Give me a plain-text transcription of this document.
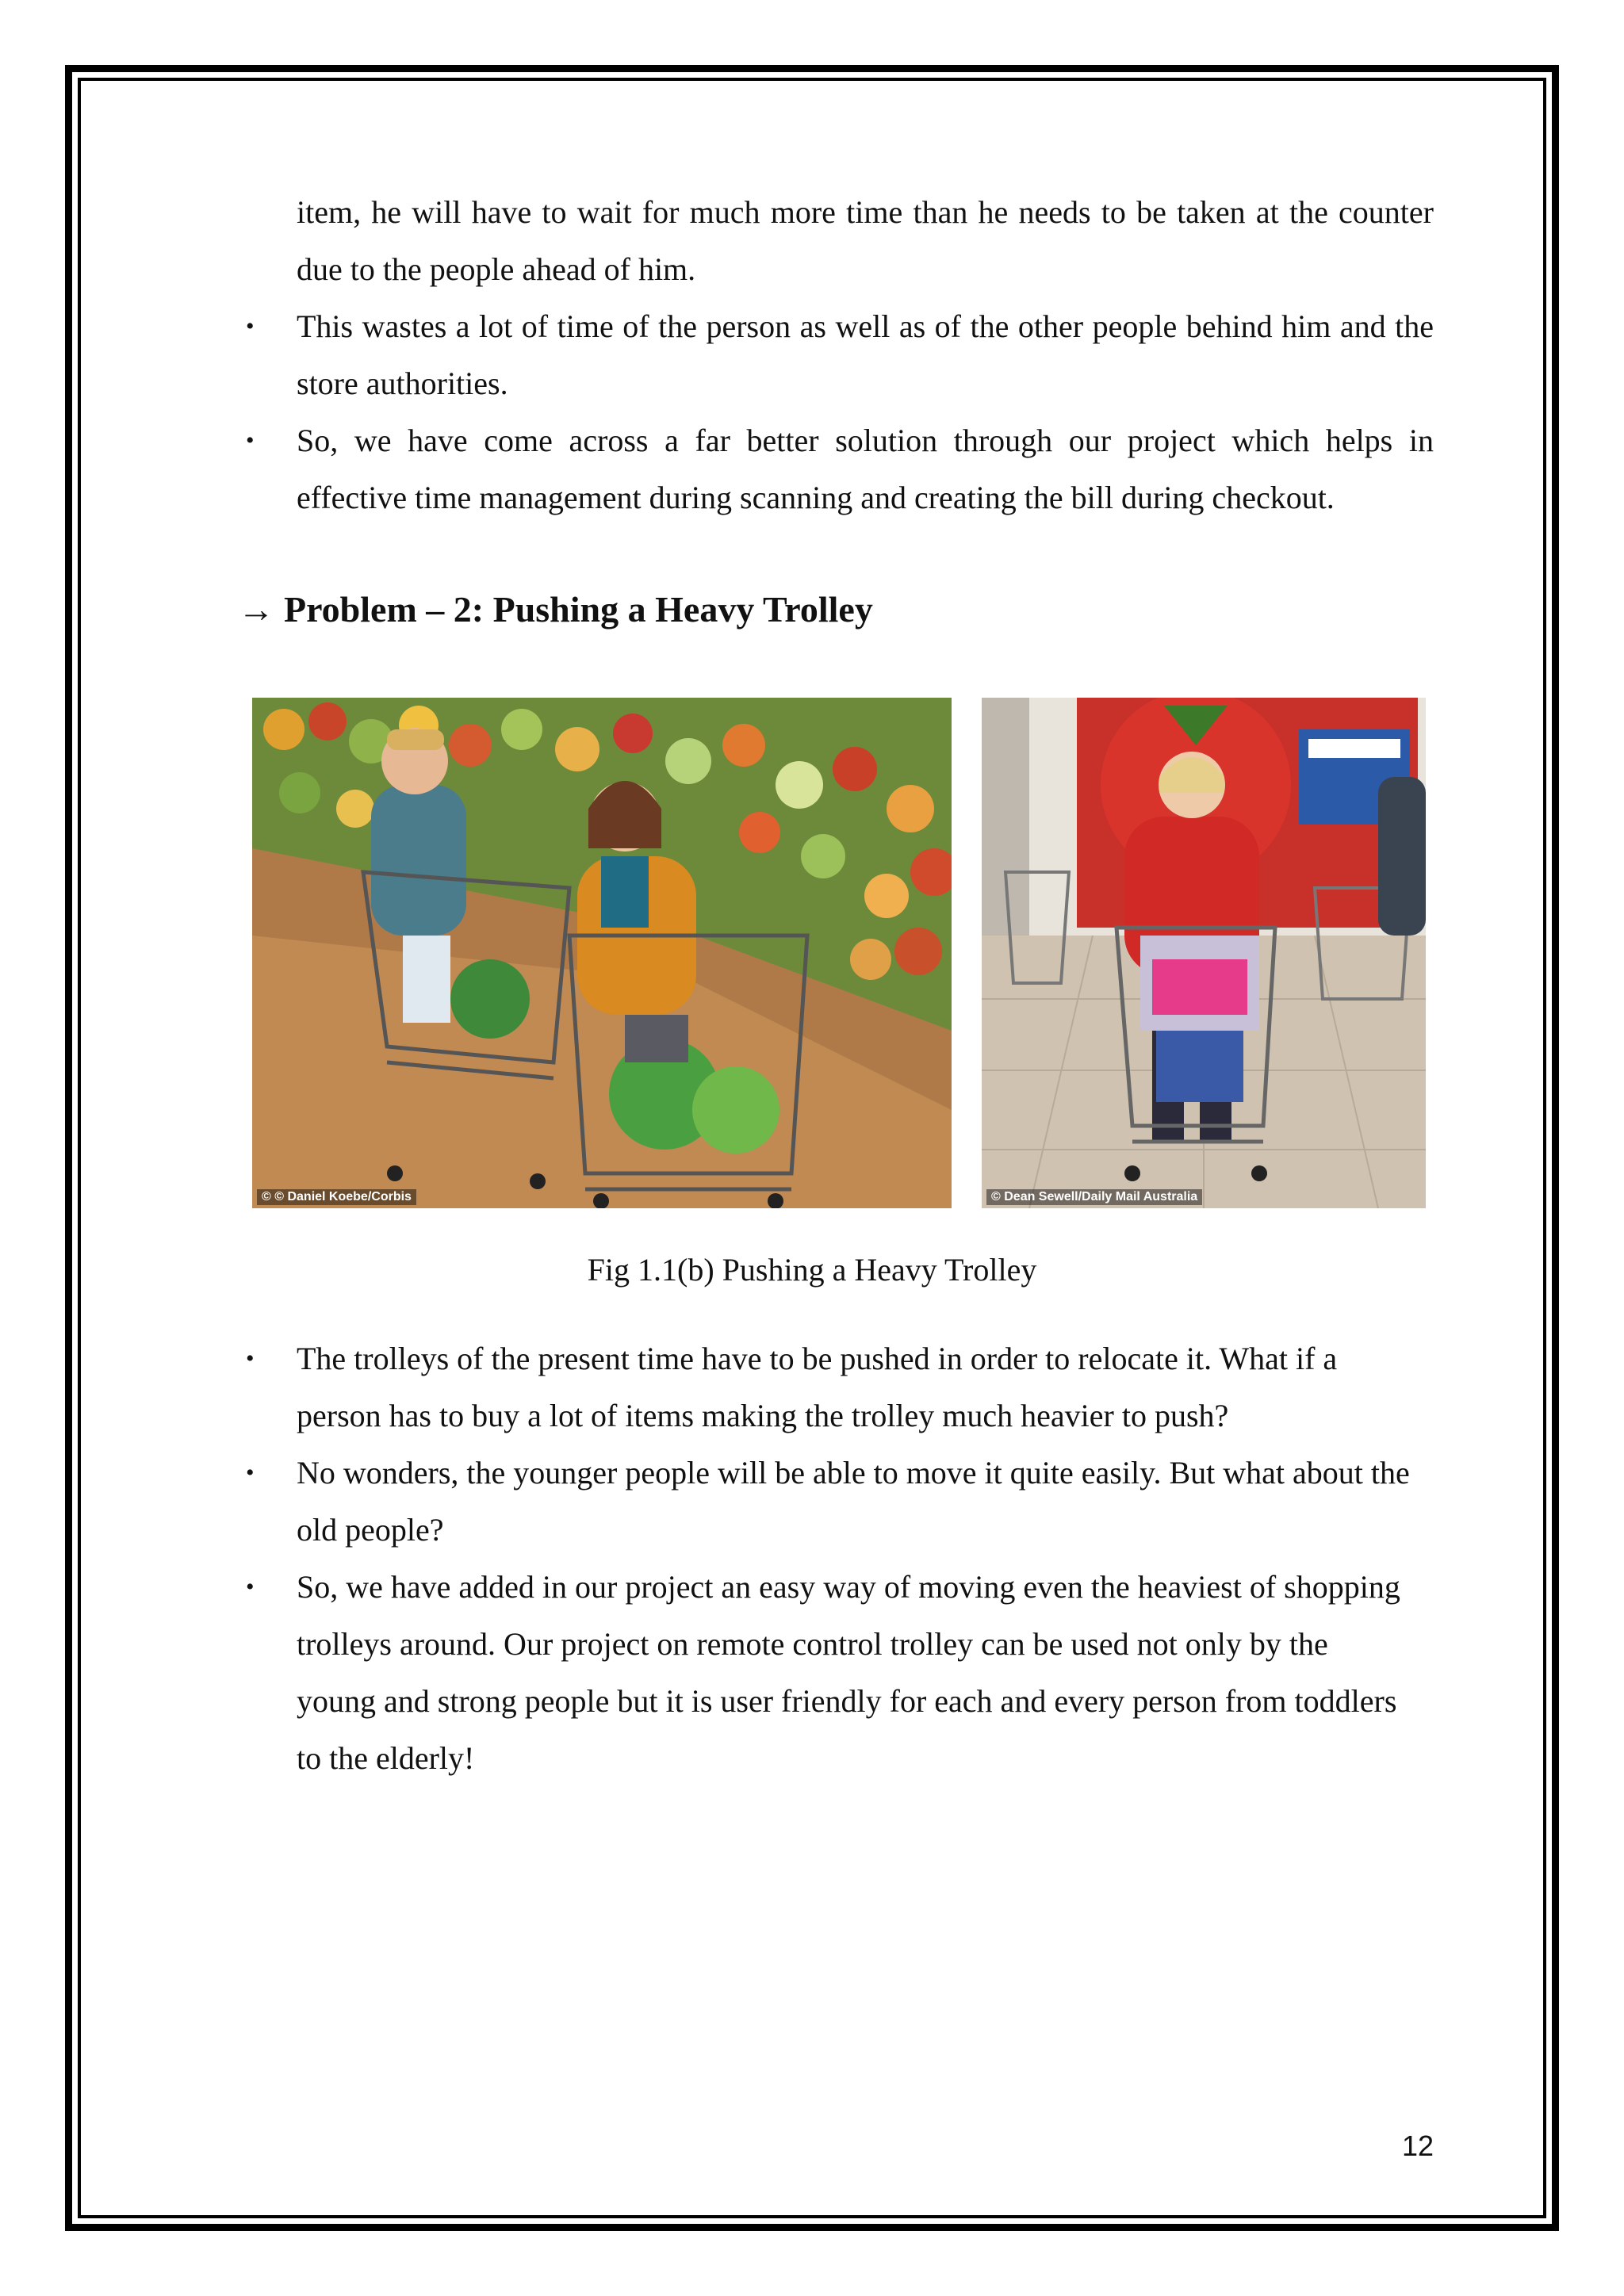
item, he will have to wait for much more time than he needs to be taken at the counter due to the people ahead of him.

• This wastes a lot of time of the person as well as of the other people behind him and the store authorities.
• So, we have come across a far better solution through our project which helps in effective time management during scanning and creating the bill during checkout.
→ Problem – 2: Pushing a Heavy Trolley
© © Daniel Koebe/Corbis	© Dean Sewell/Daily Mail Australia
Fig 1.1(b) Pushing a Heavy Trolley
• The trolleys of the present time have to be pushed in order to relocate it. What if a person has to buy a lot of items making the trolley much heavier to push?
• No wonders, the younger people will be able to move it quite easily. But what about the old people?
• So, we have added in our project an easy way of moving even the heaviest of shopping trolleys around. Our project on remote control trolley can be used not only by the young and strong people but it is user friendly for each and every person from toddlers to the elderly!
12
